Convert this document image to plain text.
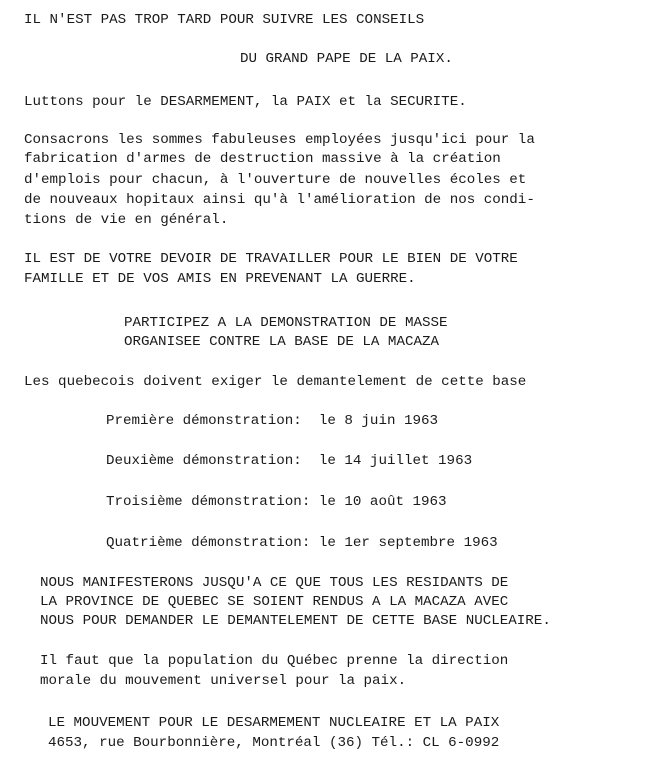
IL N'EST PAS TROP TARD POUR SUIVRE LES CONSEILS
DU GRAND PAPE DE LA PAIX.
Luttons pour le DESARMEMENT, la PAIX et la SECURITE.
Consacrons les sommes fabuleuses employées jusqu'ici pour la
fabrication d'armes de destruction massive à la création
d'emplois pour chacun, à l'ouverture de nouvelles écoles et
de nouveaux hopitaux ainsi qu'à l'amélioration de nos condi-
tions de vie en général.
IL EST DE VOTRE DEVOIR DE TRAVAILLER POUR LE BIEN DE VOTRE
FAMILLE ET DE VOS AMIS EN PREVENANT LA GUERRE.
PARTICIPEZ A LA DEMONSTRATION DE MASSE
ORGANISEE CONTRE LA BASE DE LA MACAZA
Les quebecois doivent exiger le demantelement de cette base
Première démonstration:  le 8 juin 1963
Deuxième démonstration:  le 14 juillet 1963
Troisième démonstration: le 10 août 1963
Quatrième démonstration: le 1er septembre 1963
NOUS MANIFESTERONS JUSQU'A CE QUE TOUS LES RESIDANTS DE
LA PROVINCE DE QUEBEC SE SOIENT RENDUS A LA MACAZA AVEC
NOUS POUR DEMANDER LE DEMANTELEMENT DE CETTE BASE NUCLEAIRE.
Il faut que la population du Québec prenne la direction
morale du mouvement universel pour la paix.
LE MOUVEMENT POUR LE DESARMEMENT NUCLEAIRE ET LA PAIX
4653, rue Bourbonnière, Montréal (36) Tél.: CL 6-0992
